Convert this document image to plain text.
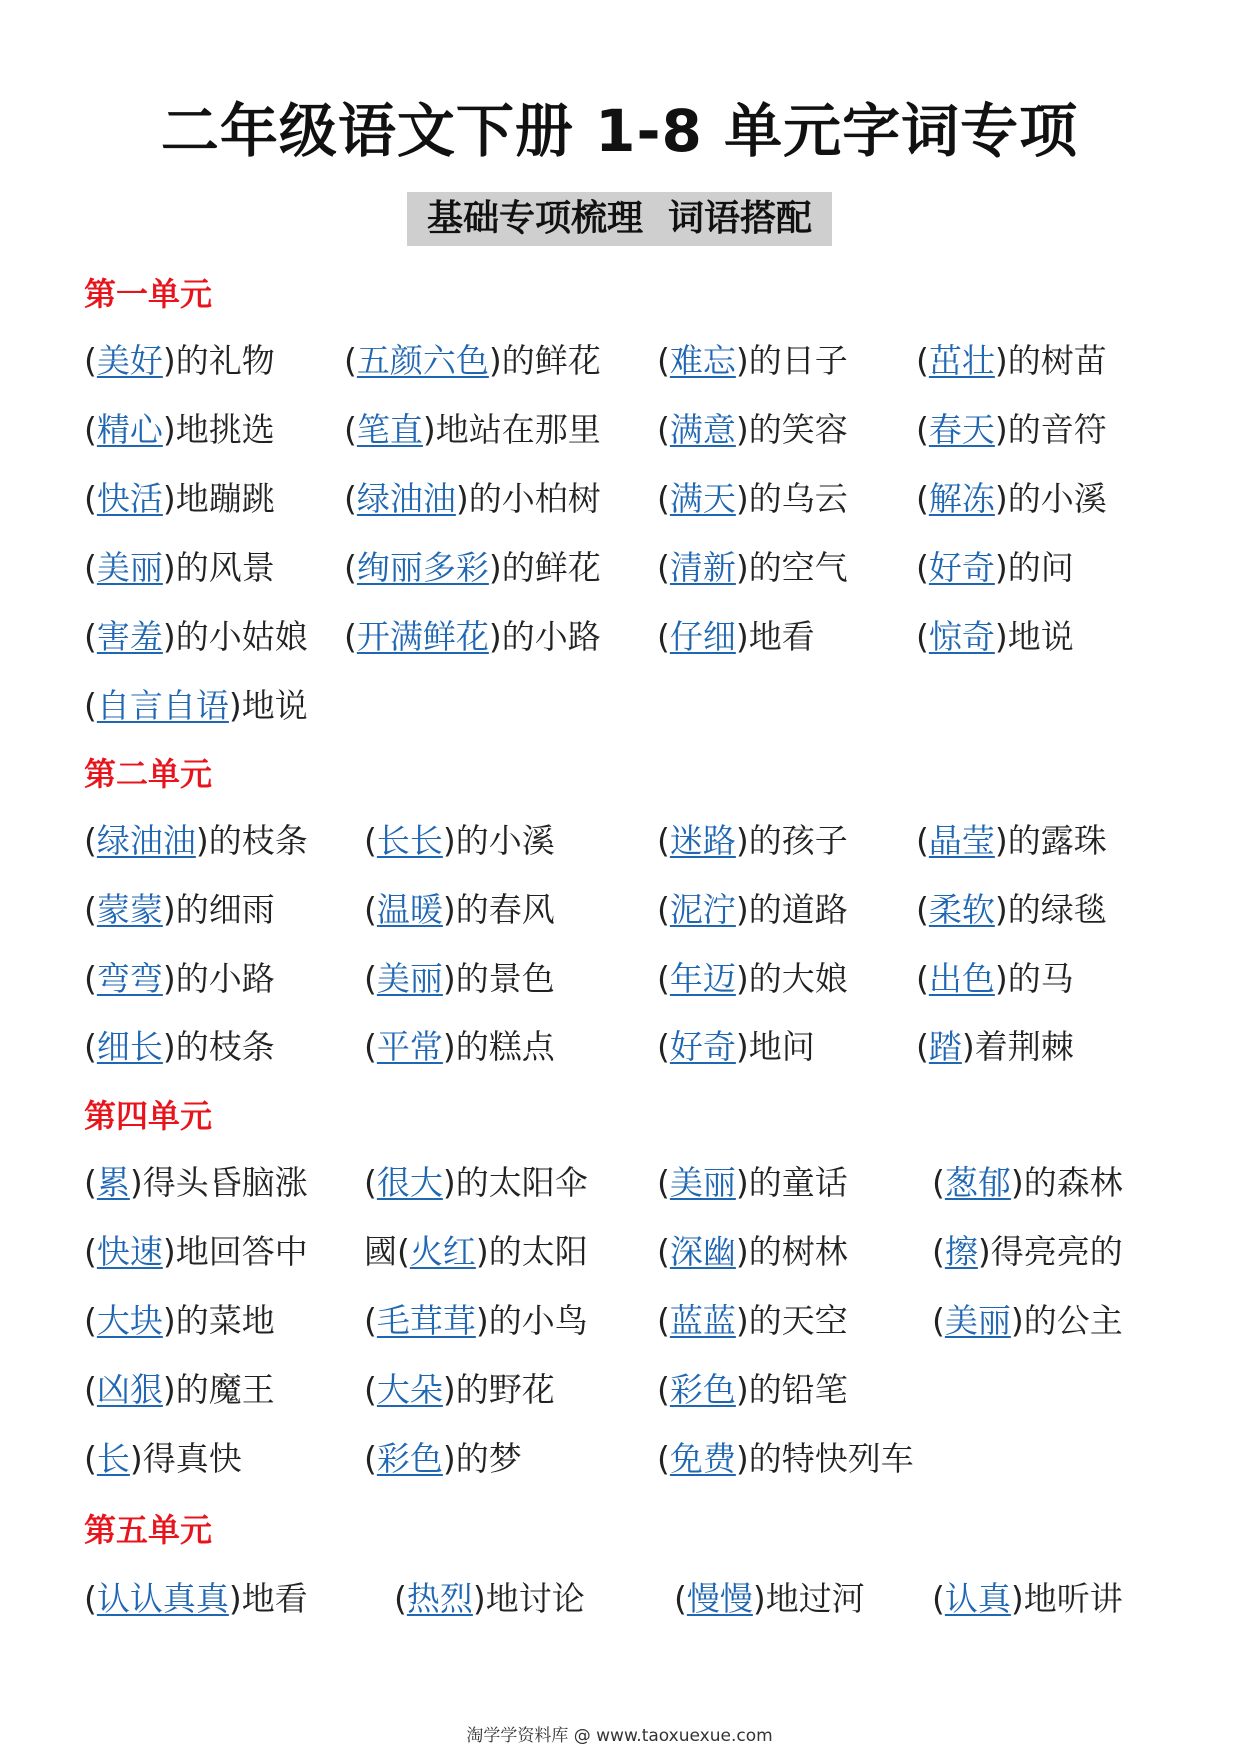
二年级语文下册 1-8 单元字词专项
基础专项梳理  词语搭配
第一单元
(美好)的礼物 (五颜六色)的鲜花 (难忘)的日子 (茁壮)的树苗
(精心)地挑选 (笔直)地站在那里 (满意)的笑容 (春天)的音符
(快活)地蹦跳 (绿油油)的小柏树 (满天)的乌云 (解冻)的小溪
(美丽)的风景 (绚丽多彩)的鲜花 (清新)的空气 (好奇)的问
(害羞)的小姑娘 (开满鲜花)的小路 (仔细)地看	(惊奇)地说
(自言自语)地说
第二单元
(绿油油)的枝条 (长长)的小溪	(迷路)的孩子 (晶莹)的露珠
(蒙蒙)的细雨	(温暖)的春风	(泥泞)的道路 (柔软)的绿毯
(弯弯)的小路	(美丽)的景色	(年迈)的大娘 (出色)的马
(细长)的枝条	(平常)的糕点	(好奇)地问	(踏)着荆棘
第四单元
(累)得头昏脑涨 (很大)的太阳伞 (美丽)的童话	(葱郁)的森林
(快速)地回答中 國(火红)的太阳 (深幽)的树林	(擦)得亮亮的
(大块)的菜地	(毛茸茸)的小鸟 (蓝蓝)的天空	(美丽)的公主
(凶狠)的魔王	(大朵)的野花	(彩色)的铅笔
(长)得真快	(彩色)的梦	(免费)的特快列车
第五单元
(认认真真)地看	(热烈)地讨论	(慢慢)地过河 (认真)地听讲
淘学学资料库 @ www.taoxuexue.com
